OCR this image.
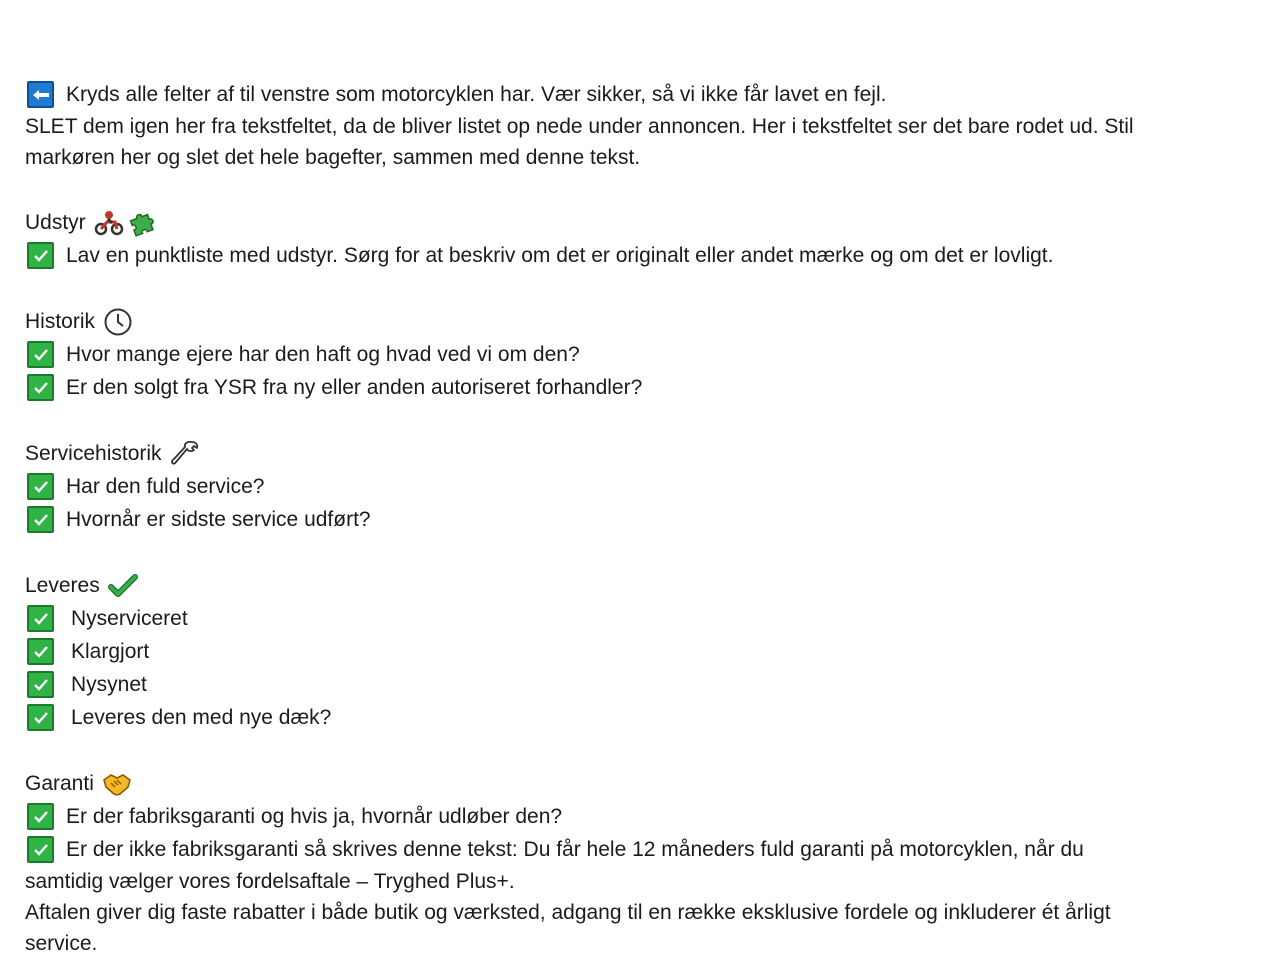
Kryds alle felter af til venstre som motorcyklen har. Vær sikker, så vi ikke får lavet en fejl.
SLET dem igen her fra tekstfeltet, da de bliver listet op nede under annoncen. Her i tekstfeltet ser det bare rodet ud. Stil
markøren her og slet det hele bagefter, sammen med denne tekst.
Udstyr
Lav en punktliste med udstyr. Sørg for at beskriv om det er originalt eller andet mærke og om det er lovligt.
Historik
Hvor mange ejere har den haft og hvad ved vi om den?
Er den solgt fra YSR fra ny eller anden autoriseret forhandler?
Servicehistorik
Har den fuld service?
Hvornår er sidste service udført?
Leveres
Nyserviceret
Klargjort
Nysynet
Leveres den med nye dæk?
Garanti
Er der fabriksgaranti og hvis ja, hvornår udløber den?
Er der ikke fabriksgaranti så skrives denne tekst: Du får hele 12 måneders fuld garanti på motorcyklen, når du
samtidig vælger vores fordelsaftale – Tryghed Plus+.
Aftalen giver dig faste rabatter i både butik og værksted, adgang til en række eksklusive fordele og inkluderer ét årligt
service.
